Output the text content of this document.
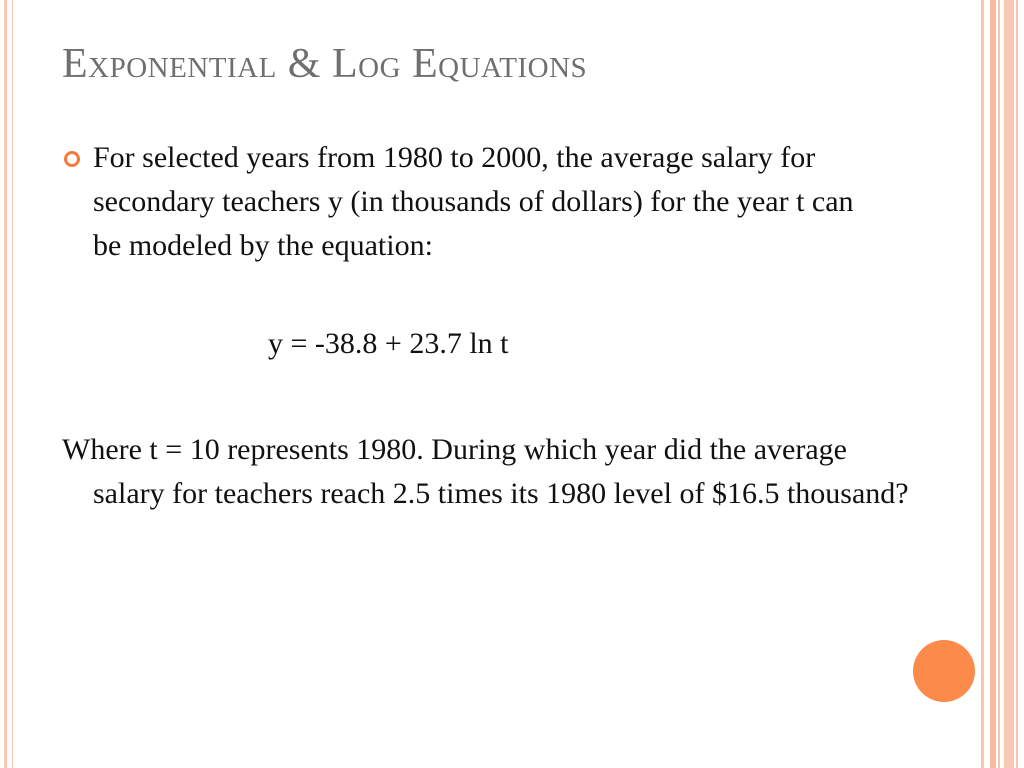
Exponential & Log Equations
For selected years from 1980 to 2000, the average salary for secondary teachers y (in thousands of dollars) for the year t can be modeled by the equation:
y = -38.8 + 23.7 ln t
Where t = 10 represents 1980. During which year did the average salary for teachers reach 2.5 times its 1980 level of $16.5 thousand?
